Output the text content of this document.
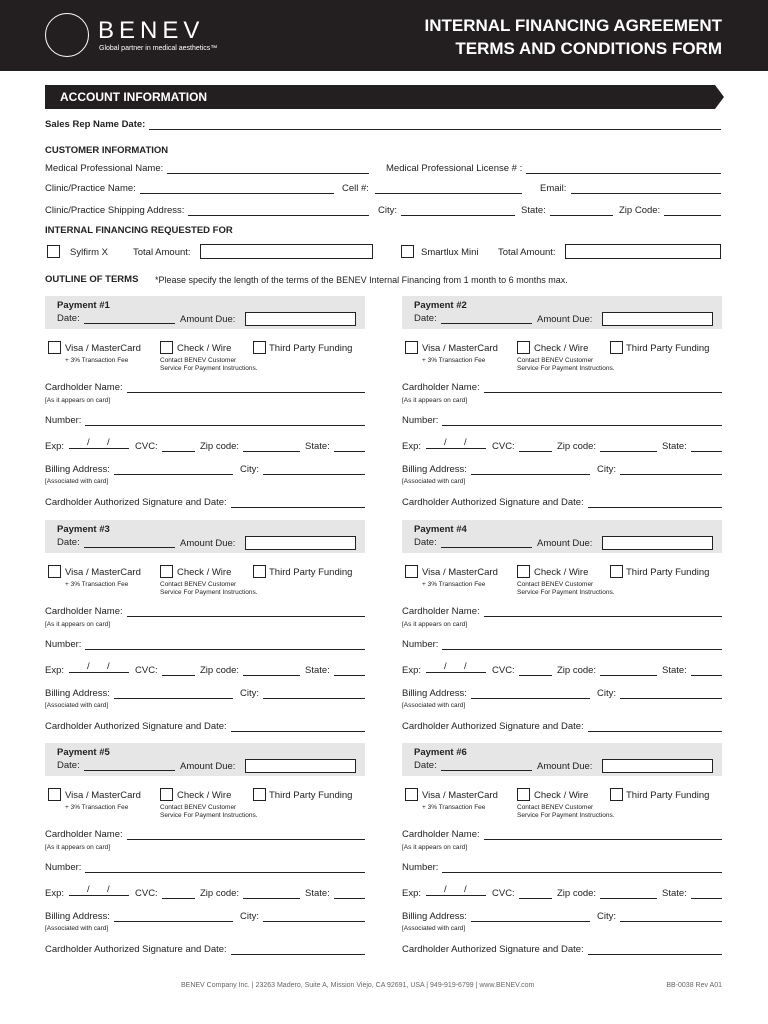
BENEV
Global partner in medical aesthetics™
INTERNAL FINANCING AGREEMENT
TERMS AND CONDITIONS FORM
ACCOUNT INFORMATION
Sales Rep Name Date:
CUSTOMER INFORMATION
Medical Professional Name:	Medical Professional License # :
Clinic/Practice Name:	Cell #:	Email:
Clinic/Practice Shipping Address:	City:	State:	Zip Code:
INTERNAL FINANCING REQUESTED FOR
Sylfirm X	Total Amount:	Smartlux Mini Total Amount:
OUTLINE OF TERMS *Please specify the length of the terms of the BENEV Internal Financing from 1 month to 6 months max.
Payment #1
Date:	Amount Due:
Visa / MasterCard
+ 3% Transaction Fee
Check / Wire
Contact BENEV Customer
Service For Payment Instructions.
Third Party Funding
Cardholder Name:
[As it appears on card]
Number:
Exp: / /	CVC:	Zip code:	State:
Billing Address:	City:
[Associated with card]
Cardholder Authorized Signature and Date:
Payment #2
Date:	Amount Due:
Visa / MasterCard
+ 3% Transaction Fee
Check / Wire
Contact BENEV Customer
Service For Payment Instructions.
Third Party Funding
Cardholder Name:
[As it appears on card]
Number:
Exp: / /	CVC:	Zip code:	State:
Billing Address:	City:
[Associated with card]
Cardholder Authorized Signature and Date:
Payment #3
Date:	Amount Due:
Visa / MasterCard
+ 3% Transaction Fee
Check / Wire
Contact BENEV Customer
Service For Payment Instructions.
Third Party Funding
Cardholder Name:
[As it appears on card]
Number:
Exp: / /	CVC:	Zip code:	State:
Billing Address:	City:
[Associated with card]
Cardholder Authorized Signature and Date:
Payment #4
Date:	Amount Due:
Visa / MasterCard
+ 3% Transaction Fee
Check / Wire
Contact BENEV Customer
Service For Payment Instructions.
Third Party Funding
Cardholder Name:
[As it appears on card]
Number:
Exp: / /	CVC:	Zip code:	State:
Billing Address:	City:
[Associated with card]
Cardholder Authorized Signature and Date:
Payment #5
Date:	Amount Due:
Visa / MasterCard
+ 3% Transaction Fee
Check / Wire
Contact BENEV Customer
Service For Payment Instructions.
Third Party Funding
Cardholder Name:
[As it appears on card]
Number:
Exp: / /	CVC:	Zip code:	State:
Billing Address:	City:
[Associated with card]
Cardholder Authorized Signature and Date:
Payment #6
Date:	Amount Due:
Visa / MasterCard
+ 3% Transaction Fee
Check / Wire
Contact BENEV Customer
Service For Payment Instructions.
Third Party Funding
Cardholder Name:
[As it appears on card]
Number:
Exp: / /	CVC:	Zip code:	State:
Billing Address:	City:
[Associated with card]
Cardholder Authorized Signature and Date:
BENEV Company Inc. | 23263 Madero, Suite A, Mission Viejo, CA 92691, USA | 949-919-6799 | www.BENEV.com	BB-0038 Rev A01
